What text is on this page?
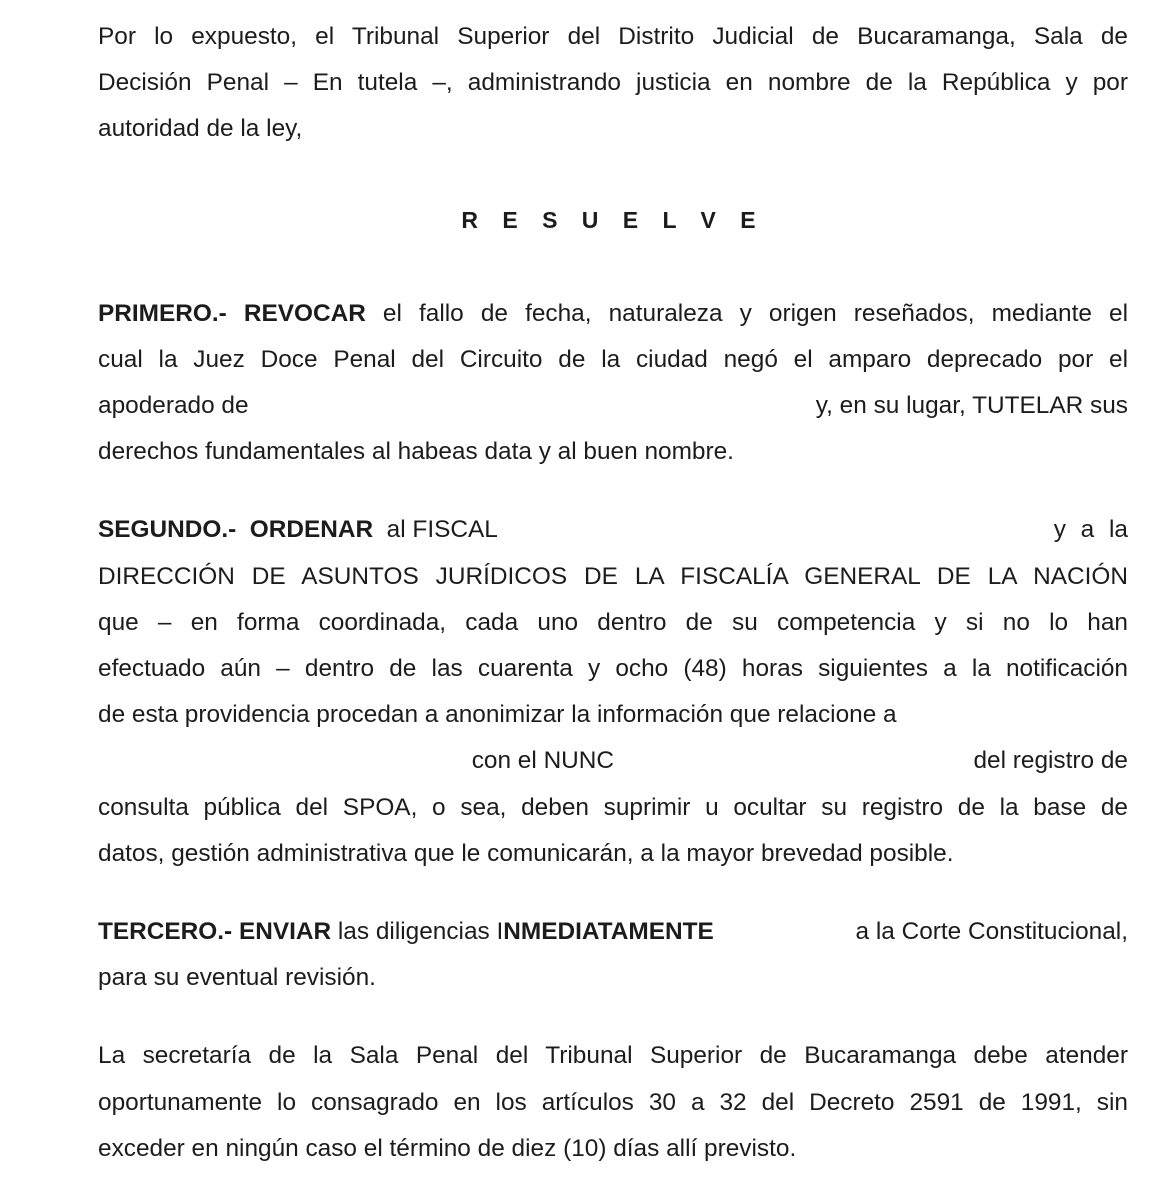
Por lo expuesto, el Tribunal Superior del Distrito Judicial de Bucaramanga, Sala de
Decisión Penal – En tutela –, administrando justicia en nombre de la República y por
autoridad de la ley,

R E S U E L V E

PRIMERO.- REVOCAR el fallo de fecha, naturaleza y origen reseñados, mediante el
cual la Juez Doce Penal del Circuito de la ciudad negó el amparo deprecado por el
apoderado de	y, en su lugar, TUTELAR sus
derechos fundamentales al habeas data y al buen nombre.
SEGUNDO.- ORDENAR al FISCAL	y a la
DIRECCIÓN DE ASUNTOS JURÍDICOS DE LA FISCALÍA GENERAL DE LA NACIÓN
que – en forma coordinada, cada uno dentro de su competencia y si no lo han
efectuado aún – dentro de las cuarenta y ocho (48) horas siguientes a la notificación
de esta providencia procedan a anonimizar la información que relacione a
con el NUNC	del registro de
consulta pública del SPOA, o sea, deben suprimir u ocultar su registro de la base de
datos, gestión administrativa que le comunicarán, a la mayor brevedad posible.
TERCERO.- ENVIAR las diligencias INMEDIATAMENTE	a la Corte Constitucional,
para su eventual revisión.
La secretaría de la Sala Penal del Tribunal Superior de Bucaramanga debe atender
oportunamente lo consagrado en los artículos 30 a 32 del Decreto 2591 de 1991, sin
exceder en ningún caso el término de diez (10) días allí previsto.
